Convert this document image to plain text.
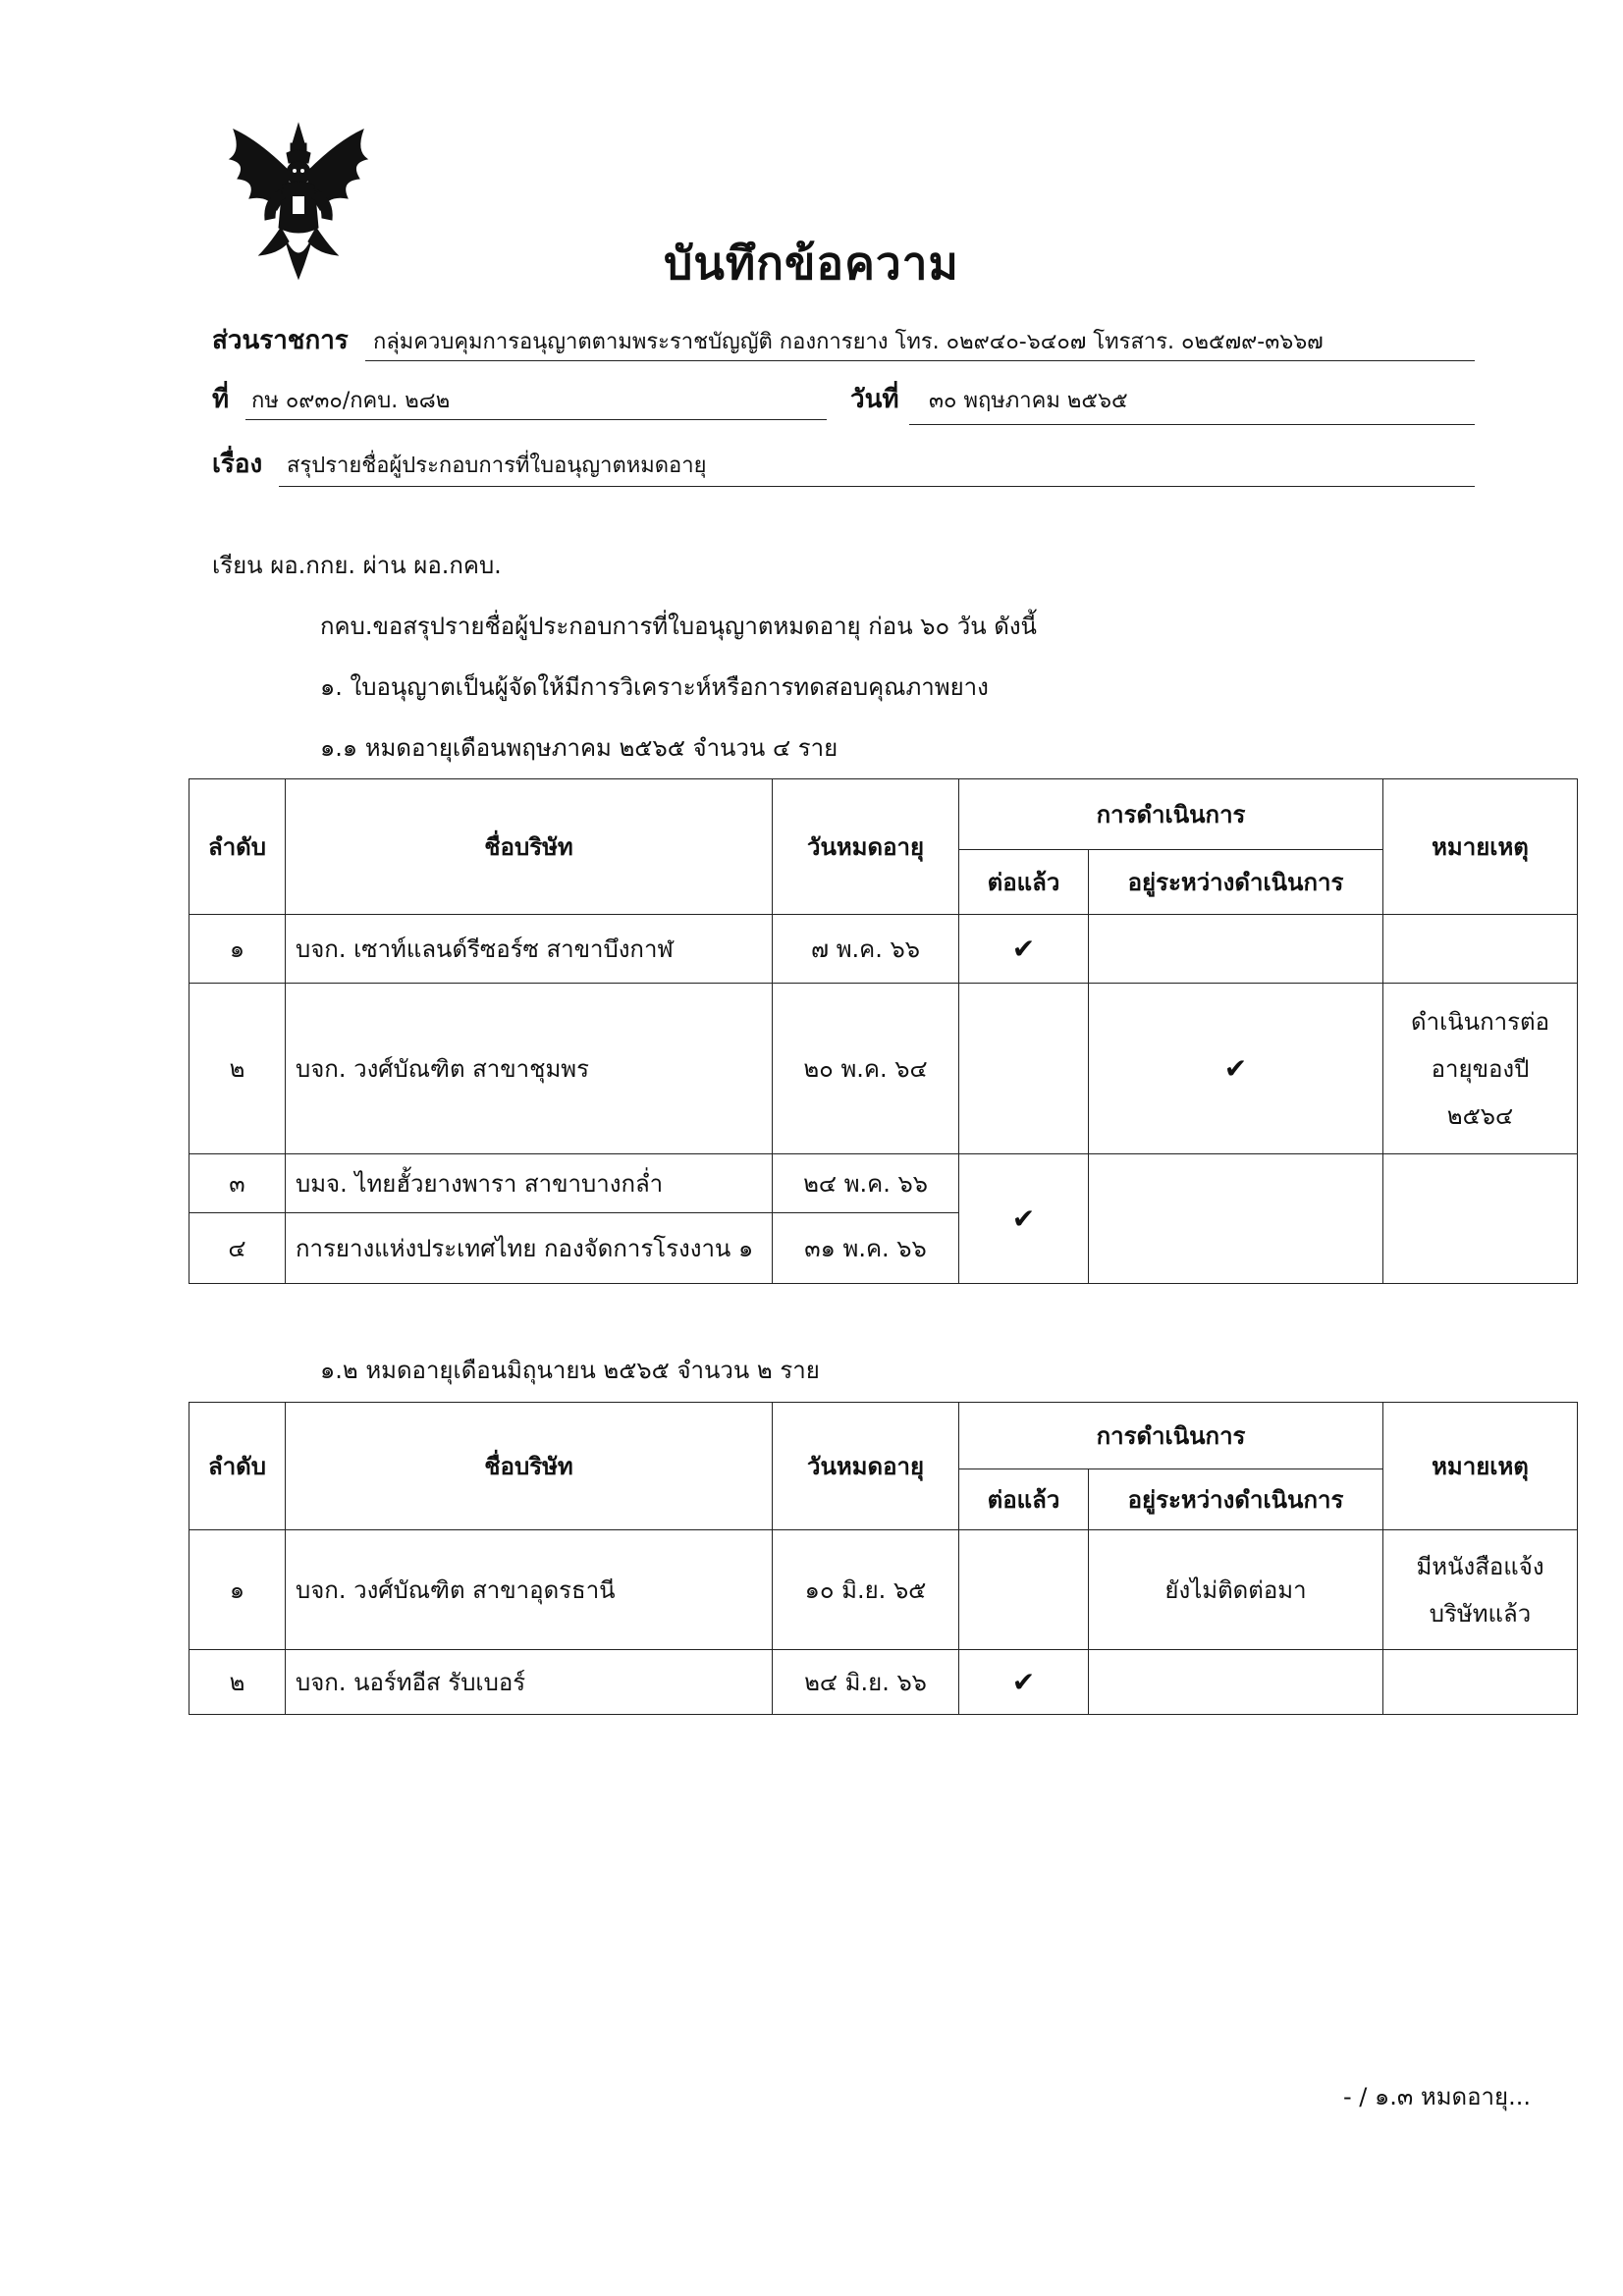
บันทึกข้อความ
ส่วนราชการ กลุ่มควบคุมการอนุญาตตามพระราชบัญญัติ กองการยาง โทร. ๐๒๙๔๐-๖๔๐๗ โทรสาร. ๐๒๕๗๙-๓๖๖๗
ที่ กษ ๐๙๓๐/กคบ. ๒๘๒	วันที่ ๓๐ พฤษภาคม ๒๕๖๕
เรื่อง สรุปรายชื่อผู้ประกอบการที่ใบอนุญาตหมดอายุ
เรียน ผอ.กกย. ผ่าน ผอ.กคบ.
กคบ.ขอสรุปรายชื่อผู้ประกอบการที่ใบอนุญาตหมดอายุ ก่อน ๖๐ วัน ดังนี้
๑. ใบอนุญาตเป็นผู้จัดให้มีการวิเคราะห์หรือการทดสอบคุณภาพยาง
๑.๑ หมดอายุเดือนพฤษภาคม ๒๕๖๕ จำนวน ๔ ราย
ลำดับ	ชื่อบริษัท	วันหมดอายุ	การดำเนินการ		หมายเหตุ
			ต่อแล้ว	อยู่ระหว่างดำเนินการ	
๑	บจก. เซาท์แลนด์รีซอร์ซ สาขาบึงกาฬ	๗ พ.ค. ๖๖	✔		
๒	บจก. วงศ์บัณฑิต สาขาชุมพร	๒๐ พ.ค. ๖๔		✔	ดำเนินการต่อ
อายุของปี
๒๕๖๔

๓	บมจ. ไทยฮั้วยางพารา สาขาบางกล่ำ	๒๔ พ.ค. ๖๖	✔		
๔	การยางแห่งประเทศไทย กองจัดการโรงงาน ๑	๓๑ พ.ค. ๖๖			
๑.๒ หมดอายุเดือนมิถุนายน ๒๕๖๕ จำนวน ๒ ราย
ลำดับ	ชื่อบริษัท	วันหมดอายุ	การดำเนินการ		หมายเหตุ
			ต่อแล้ว	อยู่ระหว่างดำเนินการ	
๑	บจก. วงศ์บัณฑิต สาขาอุดรธานี	๑๐ มิ.ย. ๖๕		ยังไม่ติดต่อมา	มีหนังสือแจ้ง
บริษัทแล้ว

๒	บจก. นอร์ทอีส รับเบอร์	๒๔ มิ.ย. ๖๖	✔		
- / ๑.๓ หมดอายุ...
